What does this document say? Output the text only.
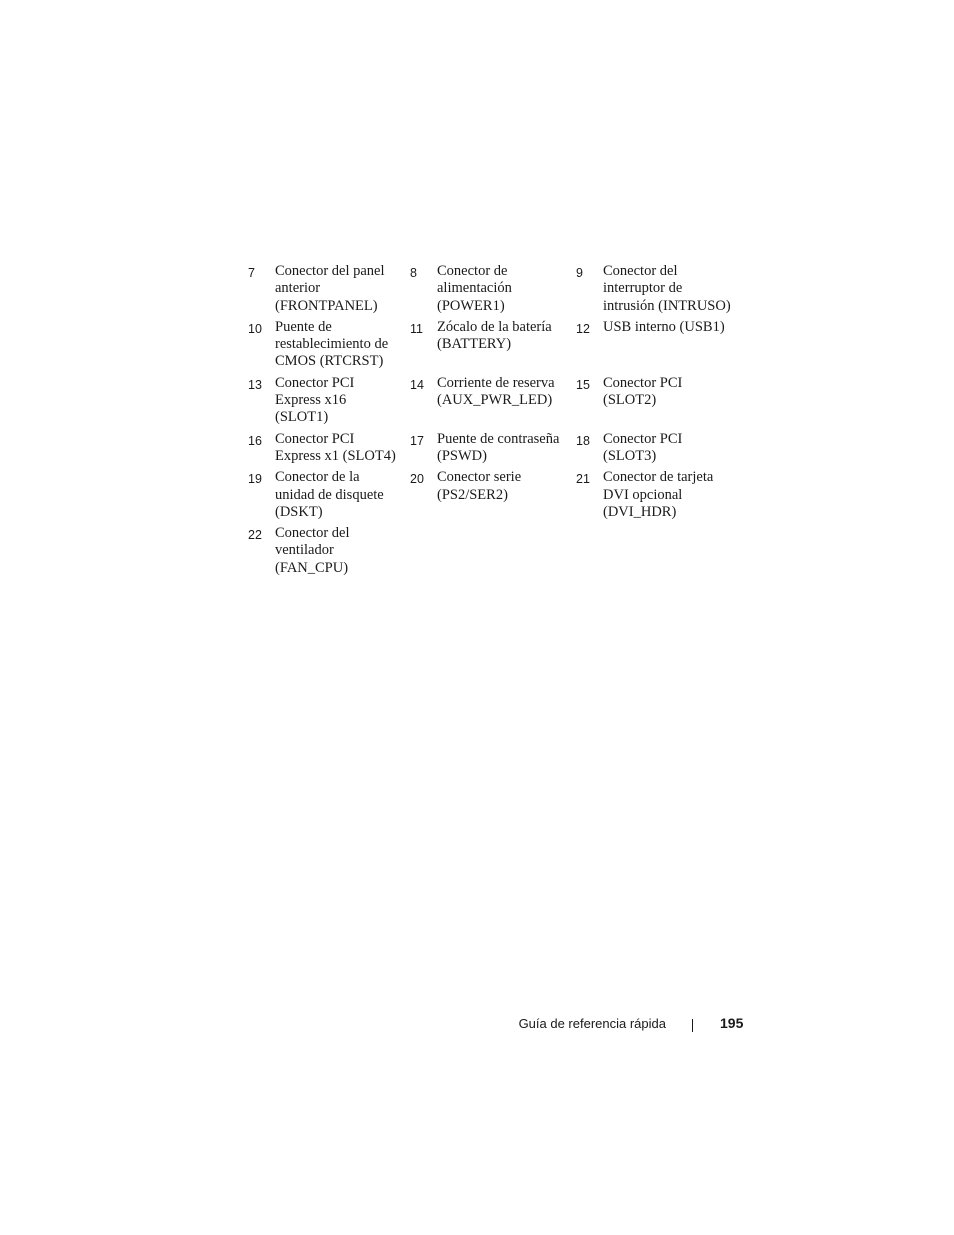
7	Conector del panel
anterior
(FRONTPANEL)	8	Conector de
alimentación
(POWER1)	9	Conector del
interruptor de
intrusión (INTRUSO)
10	Puente de
restablecimiento de
CMOS (RTCRST)	11	Zócalo de la batería
(BATTERY)	12	USB interno (USB1)
13	Conector PCI
Express x16
(SLOT1)	14	Corriente de reserva
(AUX_PWR_LED)	15	Conector PCI
(SLOT2)
16	Conector PCI
Express x1 (SLOT4)	17	Puente de contraseña
(PSWD)	18	Conector PCI
(SLOT3)
19	Conector de la
unidad de disquete
(DSKT)	20	Conector serie
(PS2/SER2)	21	Conector de tarjeta
DVI opcional
(DVI_HDR)
22	Conector del
ventilador
(FAN_CPU)				
Guía de referencia rápida	195
